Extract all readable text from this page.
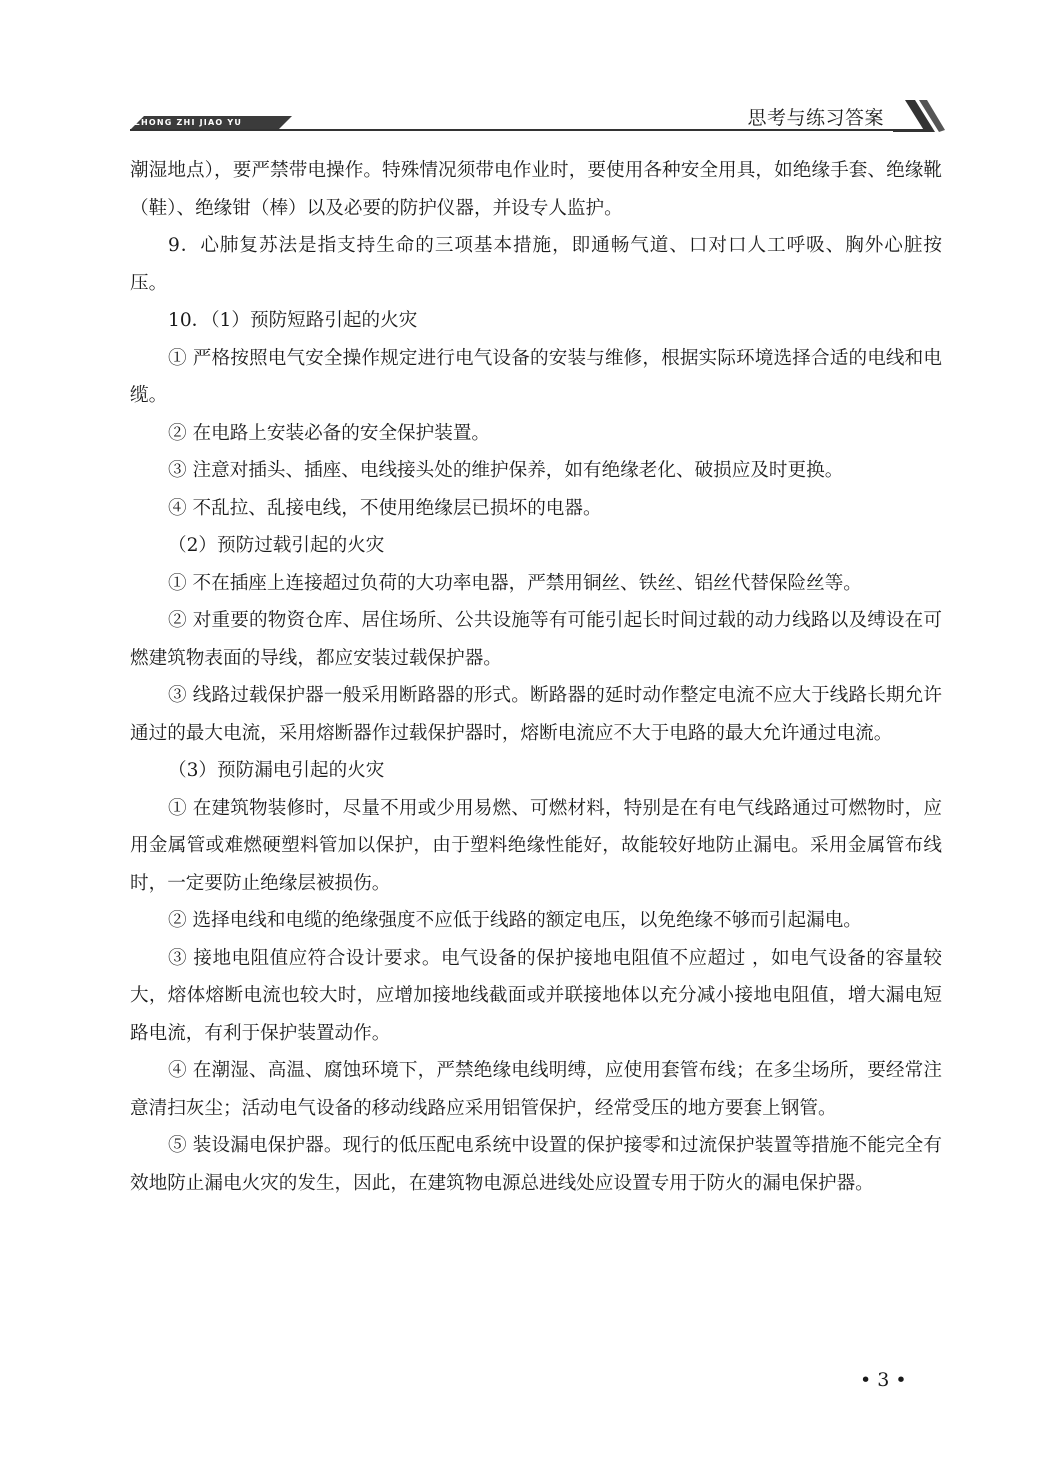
ZHONG ZHI JIAO YU	思考与练习答案

潮湿地点），要严禁带电操作。特殊情况须带电作业时，要使用各种安全用具，如绝缘手套、绝缘靴（鞋）、绝缘钳（棒）以及必要的防护仪器，并设专人监护。

9．心肺复苏法是指支持生命的三项基本措施，即通畅气道、口对口人工呼吸、胸外心脏按压。

10．（1）预防短路引起的火灾

① 严格按照电气安全操作规定进行电气设备的安装与维修，根据实际环境选择合适的电线和电缆。

② 在电路上安装必备的安全保护装置。

③ 注意对插头、插座、电线接头处的维护保养，如有绝缘老化、破损应及时更换。

④ 不乱拉、乱接电线，不使用绝缘层已损坏的电器。

（2）预防过载引起的火灾

① 不在插座上连接超过负荷的大功率电器，严禁用铜丝、铁丝、铝丝代替保险丝等。

② 对重要的物资仓库、居住场所、公共设施等有可能引起长时间过载的动力线路以及缚设在可燃建筑物表面的导线，都应安装过载保护器。

③ 线路过载保护器一般采用断路器的形式。断路器的延时动作整定电流不应大于线路长期允许通过的最大电流，采用熔断器作过载保护器时，熔断电流应不大于电路的最大允许通过电流。

（3）预防漏电引起的火灾

① 在建筑物装修时，尽量不用或少用易燃、可燃材料，特别是在有电气线路通过可燃物时，应用金属管或难燃硬塑料管加以保护，由于塑料绝缘性能好，故能较好地防止漏电。采用金属管布线时，一定要防止绝缘层被损伤。

② 选择电线和电缆的绝缘强度不应低于线路的额定电压，以免绝缘不够而引起漏电。

③ 接地电阻值应符合设计要求。电气设备的保护接地电阻值不应超过 ，如电气设备的容量较大，熔体熔断电流也较大时，应增加接地线截面或并联接地体以充分减小接地电阻值，增大漏电短路电流，有利于保护装置动作。

④ 在潮湿、高温、腐蚀环境下，严禁绝缘电线明缚，应使用套管布线；在多尘场所，要经常注意清扫灰尘；活动电气设备的移动线路应采用铝管保护，经常受压的地方要套上钢管。

⑤ 装设漏电保护器。现行的低压配电系统中设置的保护接零和过流保护装置等措施不能完全有效地防止漏电火灾的发生，因此，在建筑物电源总进线处应设置专用于防火的漏电保护器。

• 3 •
